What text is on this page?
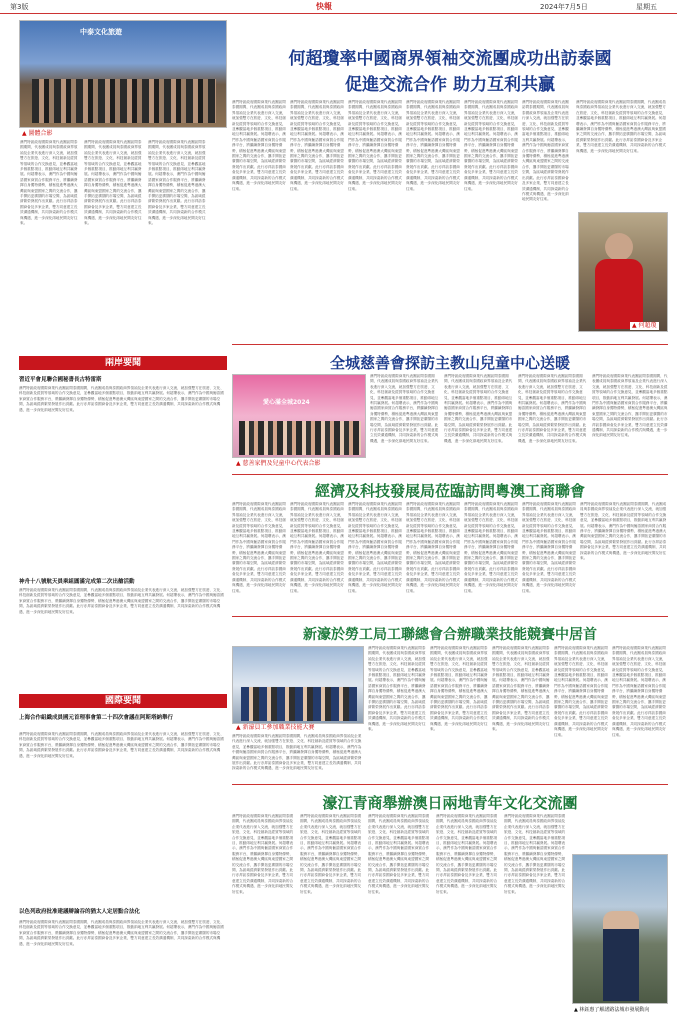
第3版	快報	2024年7月5日	星期五
中泰文化旅遊
▲ 圖體合影
何超瓊率中國商界領袖交流團成功出訪泰國
促進交流合作 助力互利共贏
澳門特區政府國際商業代表團訪問泰國期間，代表團成員與泰國政商界領袖及企業代表進行深入交流，就加強雙方在旅遊、文化、科技創新及經貿等領域的合作交換意見，並參觀當地多個重點項目，推動兩地互利共贏發展。何超瓊表示，澳門作為中國與葡語國家商貿合作服務平台，將繼續發揮自身獨特優勢，積極促進粵港澳大灣區與東盟國家之間的交流合作，攜手開拓更廣闊的市場空間，為區域經濟繁榮發展作出貢獻。此行亦拜訪泰國商會及多家企業，雙方同意建立長效溝通機制，共同探索新的合作模式與機遇，進一步深化兩地民間友好往來。
澳門特區政府國際商業代表團訪問泰國期間，代表團成員與泰國政商界領袖及企業代表進行深入交流，就加強雙方在旅遊、文化、科技創新及經貿等領域的合作交換意見，並參觀當地多個重點項目，推動兩地互利共贏發展。何超瓊表示，澳門作為中國與葡語國家商貿合作服務平台，將繼續發揮自身獨特優勢，積極促進粵港澳大灣區與東盟國家之間的交流合作，攜手開拓更廣闊的市場空間，為區域經濟繁榮發展作出貢獻。此行亦拜訪泰國商會及多家企業，雙方同意建立長效溝通機制，共同探索新的合作模式與機遇，進一步深化兩地民間友好往來。
澳門特區政府國際商業代表團訪問泰國期間，代表團成員與泰國政商界領袖及企業代表進行深入交流，就加強雙方在旅遊、文化、科技創新及經貿等領域的合作交換意見，並參觀當地多個重點項目，推動兩地互利共贏發展。何超瓊表示，澳門作為中國與葡語國家商貿合作服務平台，將繼續發揮自身獨特優勢，積極促進粵港澳大灣區與東盟國家之間的交流合作，攜手開拓更廣闊的市場空間，為區域經濟繁榮發展作出貢獻。此行亦拜訪泰國商會及多家企業，雙方同意建立長效溝通機制，共同探索新的合作模式與機遇，進一步深化兩地民間友好往來。
澳門特區政府國際商業代表團訪問泰國期間，代表團成員與泰國政商界領袖及企業代表進行深入交流，就加強雙方在旅遊、文化、科技創新及經貿等領域的合作交換意見，並參觀當地多個重點項目，推動兩地互利共贏發展。何超瓊表示，澳門作為中國與葡語國家商貿合作服務平台，將繼續發揮自身獨特優勢，積極促進粵港澳大灣區與東盟國家之間的交流合作，攜手開拓更廣闊的市場空間，為區域經濟繁榮發展作出貢獻。此行亦拜訪泰國商會及多家企業，雙方同意建立長效溝通機制，共同探索新的合作模式與機遇，進一步深化兩地民間友好往來。
澳門特區政府國際商業代表團訪問泰國期間，代表團成員與泰國政商界領袖及企業代表進行深入交流，就加強雙方在旅遊、文化、科技創新及經貿等領域的合作交換意見，並參觀當地多個重點項目，推動兩地互利共贏發展。何超瓊表示，澳門作為中國與葡語國家商貿合作服務平台，將繼續發揮自身獨特優勢，積極促進粵港澳大灣區與東盟國家之間的交流合作，攜手開拓更廣闊的市場空間，為區域經濟繁榮發展作出貢獻。此行亦拜訪泰國商會及多家企業，雙方同意建立長效溝通機制，共同探索新的合作模式與機遇，進一步深化兩地民間友好往來。
澳門特區政府國際商業代表團訪問泰國期間，代表團成員與泰國政商界領袖及企業代表進行深入交流，就加強雙方在旅遊、文化、科技創新及經貿等領域的合作交換意見，並參觀當地多個重點項目，推動兩地互利共贏發展。何超瓊表示，澳門作為中國與葡語國家商貿合作服務平台，將繼續發揮自身獨特優勢，積極促進粵港澳大灣區與東盟國家之間的交流合作，攜手開拓更廣闊的市場空間，為區域經濟繁榮發展作出貢獻。此行亦拜訪泰國商會及多家企業，雙方同意建立長效溝通機制，共同探索新的合作模式與機遇，進一步深化兩地民間友好往來。
澳門特區政府國際商業代表團訪問泰國期間，代表團成員與泰國政商界領袖及企業代表進行深入交流，就加強雙方在旅遊、文化、科技創新及經貿等領域的合作交換意見，並參觀當地多個重點項目，推動兩地互利共贏發展。何超瓊表示，澳門作為中國與葡語國家商貿合作服務平台，將繼續發揮自身獨特優勢，積極促進粵港澳大灣區與東盟國家之間的交流合作，攜手開拓更廣闊的市場空間，為區域經濟繁榮發展作出貢獻。此行亦拜訪泰國商會及多家企業，雙方同意建立長效溝通機制，共同探索新的合作模式與機遇，進一步深化兩地民間友好往來。
澳門特區政府國際商業代表團訪問泰國期間，代表團成員與泰國政商界領袖及企業代表進行深入交流，就加強雙方在旅遊、文化、科技創新及經貿等領域的合作交換意見，並參觀當地多個重點項目，推動兩地互利共贏發展。何超瓊表示，澳門作為中國與葡語國家商貿合作服務平台，將繼續發揮自身獨特優勢，積極促進粵港澳大灣區與東盟國家之間的交流合作，攜手開拓更廣闊的市場空間，為區域經濟繁榮發展作出貢獻。此行亦拜訪泰國商會及多家企業，雙方同意建立長效溝通機制，共同探索新的合作模式與機遇，進一步深化兩地民間友好往來。
澳門特區政府國際商業代表團訪問泰國期間，代表團成員與泰國政商界領袖及企業代表進行深入交流，就加強雙方在旅遊、文化、科技創新及經貿等領域的合作交換意見，並參觀當地多個重點項目，推動兩地互利共贏發展。何超瓊表示，澳門作為中國與葡語國家商貿合作服務平台，將繼續發揮自身獨特優勢，積極促進粵港澳大灣區與東盟國家之間的交流合作，攜手開拓更廣闊的市場空間，為區域經濟繁榮發展作出貢獻。此行亦拜訪泰國商會及多家企業，雙方同意建立長效溝通機制，共同探索新的合作模式與機遇，進一步深化兩地民間友好往來。
澳門特區政府國際商業代表團訪問泰國期間，代表團成員與泰國政商界領袖及企業代表進行深入交流，就加強雙方在旅遊、文化、科技創新及經貿等領域的合作交換意見，並參觀當地多個重點項目，推動兩地互利共贏發展。何超瓊表示，澳門作為中國與葡語國家商貿合作服務平台，將繼續發揮自身獨特優勢，積極促進粵港澳大灣區與東盟國家之間的交流合作，攜手開拓更廣闊的市場空間，為區域經濟繁榮發展作出貢獻。此行亦拜訪泰國商會及多家企業，雙方同意建立長效溝通機制，共同探索新的合作模式與機遇，進一步深化兩地民間友好往來。
▲ 何超瓊
兩岸要聞
習近平會見聯合國秘書長古特雷斯
澳門特區政府國際商業代表團訪問泰國期間，代表團成員與泰國政商界領袖及企業代表進行深入交流，就加強雙方在旅遊、文化、科技創新及經貿等領域的合作交換意見，並參觀當地多個重點項目，推動兩地互利共贏發展。何超瓊表示，澳門作為中國與葡語國家商貿合作服務平台，將繼續發揮自身獨特優勢，積極促進粵港澳大灣區與東盟國家之間的交流合作，攜手開拓更廣闊的市場空間，為區域經濟繁榮發展作出貢獻。此行亦拜訪泰國商會及多家企業，雙方同意建立長效溝通機制，共同探索新的合作模式與機遇，進一步深化兩地民間友好往來。
神舟十八號航天員乘組圓滿完成第二次出艙活動
澳門特區政府國際商業代表團訪問泰國期間，代表團成員與泰國政商界領袖及企業代表進行深入交流，就加強雙方在旅遊、文化、科技創新及經貿等領域的合作交換意見，並參觀當地多個重點項目，推動兩地互利共贏發展。何超瓊表示，澳門作為中國與葡語國家商貿合作服務平台，將繼續發揮自身獨特優勢，積極促進粵港澳大灣區與東盟國家之間的交流合作，攜手開拓更廣闊的市場空間，為區域經濟繁榮發展作出貢獻。此行亦拜訪泰國商會及多家企業，雙方同意建立長效溝通機制，共同探索新的合作模式與機遇，進一步深化兩地民間友好往來。
國際要聞
上海合作組織成員國元首理事會第二十四次會議在阿斯塔納舉行
澳門特區政府國際商業代表團訪問泰國期間，代表團成員與泰國政商界領袖及企業代表進行深入交流，就加強雙方在旅遊、文化、科技創新及經貿等領域的合作交換意見，並參觀當地多個重點項目，推動兩地互利共贏發展。何超瓊表示，澳門作為中國與葡語國家商貿合作服務平台，將繼續發揮自身獨特優勢，積極促進粵港澳大灣區與東盟國家之間的交流合作，攜手開拓更廣闊的市場空間，為區域經濟繁榮發展作出貢獻。此行亦拜訪泰國商會及多家企業，雙方同意建立長效溝通機制，共同探索新的合作模式與機遇，進一步深化兩地民間友好往來。
以色列政府批准建議辯論吞的猶太人定居點合法化
澳門特區政府國際商業代表團訪問泰國期間，代表團成員與泰國政商界領袖及企業代表進行深入交流，就加強雙方在旅遊、文化、科技創新及經貿等領域的合作交換意見，並參觀當地多個重點項目，推動兩地互利共贏發展。何超瓊表示，澳門作為中國與葡語國家商貿合作服務平台，將繼續發揮自身獨特優勢，積極促進粵港澳大灣區與東盟國家之間的交流合作，攜手開拓更廣闊的市場空間，為區域經濟繁榮發展作出貢獻。此行亦拜訪泰國商會及多家企業，雙方同意建立長效溝通機制，共同探索新的合作模式與機遇，進一步深化兩地民間友好往來。
全城慈善會探訪主教山兒童中心送暖
愛心滿全城2024
▲ 慈善家們及兒童中心代表合影
澳門特區政府國際商業代表團訪問泰國期間，代表團成員與泰國政商界領袖及企業代表進行深入交流，就加強雙方在旅遊、文化、科技創新及經貿等領域的合作交換意見，並參觀當地多個重點項目，推動兩地互利共贏發展。何超瓊表示，澳門作為中國與葡語國家商貿合作服務平台，將繼續發揮自身獨特優勢，積極促進粵港澳大灣區與東盟國家之間的交流合作，攜手開拓更廣闊的市場空間，為區域經濟繁榮發展作出貢獻。此行亦拜訪泰國商會及多家企業，雙方同意建立長效溝通機制，共同探索新的合作模式與機遇，進一步深化兩地民間友好往來。
澳門特區政府國際商業代表團訪問泰國期間，代表團成員與泰國政商界領袖及企業代表進行深入交流，就加強雙方在旅遊、文化、科技創新及經貿等領域的合作交換意見，並參觀當地多個重點項目，推動兩地互利共贏發展。何超瓊表示，澳門作為中國與葡語國家商貿合作服務平台，將繼續發揮自身獨特優勢，積極促進粵港澳大灣區與東盟國家之間的交流合作，攜手開拓更廣闊的市場空間，為區域經濟繁榮發展作出貢獻。此行亦拜訪泰國商會及多家企業，雙方同意建立長效溝通機制，共同探索新的合作模式與機遇，進一步深化兩地民間友好往來。
澳門特區政府國際商業代表團訪問泰國期間，代表團成員與泰國政商界領袖及企業代表進行深入交流，就加強雙方在旅遊、文化、科技創新及經貿等領域的合作交換意見，並參觀當地多個重點項目，推動兩地互利共贏發展。何超瓊表示，澳門作為中國與葡語國家商貿合作服務平台，將繼續發揮自身獨特優勢，積極促進粵港澳大灣區與東盟國家之間的交流合作，攜手開拓更廣闊的市場空間，為區域經濟繁榮發展作出貢獻。此行亦拜訪泰國商會及多家企業，雙方同意建立長效溝通機制，共同探索新的合作模式與機遇，進一步深化兩地民間友好往來。
澳門特區政府國際商業代表團訪問泰國期間，代表團成員與泰國政商界領袖及企業代表進行深入交流，就加強雙方在旅遊、文化、科技創新及經貿等領域的合作交換意見，並參觀當地多個重點項目，推動兩地互利共贏發展。何超瓊表示，澳門作為中國與葡語國家商貿合作服務平台，將繼續發揮自身獨特優勢，積極促進粵港澳大灣區與東盟國家之間的交流合作，攜手開拓更廣闊的市場空間，為區域經濟繁榮發展作出貢獻。此行亦拜訪泰國商會及多家企業，雙方同意建立長效溝通機制，共同探索新的合作模式與機遇，進一步深化兩地民間友好往來。
經濟及科技發展局莅臨訪問粵澳工商聯會
澳門特區政府國際商業代表團訪問泰國期間，代表團成員與泰國政商界領袖及企業代表進行深入交流，就加強雙方在旅遊、文化、科技創新及經貿等領域的合作交換意見，並參觀當地多個重點項目，推動兩地互利共贏發展。何超瓊表示，澳門作為中國與葡語國家商貿合作服務平台，將繼續發揮自身獨特優勢，積極促進粵港澳大灣區與東盟國家之間的交流合作，攜手開拓更廣闊的市場空間，為區域經濟繁榮發展作出貢獻。此行亦拜訪泰國商會及多家企業，雙方同意建立長效溝通機制，共同探索新的合作模式與機遇，進一步深化兩地民間友好往來。
澳門特區政府國際商業代表團訪問泰國期間，代表團成員與泰國政商界領袖及企業代表進行深入交流，就加強雙方在旅遊、文化、科技創新及經貿等領域的合作交換意見，並參觀當地多個重點項目，推動兩地互利共贏發展。何超瓊表示，澳門作為中國與葡語國家商貿合作服務平台，將繼續發揮自身獨特優勢，積極促進粵港澳大灣區與東盟國家之間的交流合作，攜手開拓更廣闊的市場空間，為區域經濟繁榮發展作出貢獻。此行亦拜訪泰國商會及多家企業，雙方同意建立長效溝通機制，共同探索新的合作模式與機遇，進一步深化兩地民間友好往來。
澳門特區政府國際商業代表團訪問泰國期間，代表團成員與泰國政商界領袖及企業代表進行深入交流，就加強雙方在旅遊、文化、科技創新及經貿等領域的合作交換意見，並參觀當地多個重點項目，推動兩地互利共贏發展。何超瓊表示，澳門作為中國與葡語國家商貿合作服務平台，將繼續發揮自身獨特優勢，積極促進粵港澳大灣區與東盟國家之間的交流合作，攜手開拓更廣闊的市場空間，為區域經濟繁榮發展作出貢獻。此行亦拜訪泰國商會及多家企業，雙方同意建立長效溝通機制，共同探索新的合作模式與機遇，進一步深化兩地民間友好往來。
澳門特區政府國際商業代表團訪問泰國期間，代表團成員與泰國政商界領袖及企業代表進行深入交流，就加強雙方在旅遊、文化、科技創新及經貿等領域的合作交換意見，並參觀當地多個重點項目，推動兩地互利共贏發展。何超瓊表示，澳門作為中國與葡語國家商貿合作服務平台，將繼續發揮自身獨特優勢，積極促進粵港澳大灣區與東盟國家之間的交流合作，攜手開拓更廣闊的市場空間，為區域經濟繁榮發展作出貢獻。此行亦拜訪泰國商會及多家企業，雙方同意建立長效溝通機制，共同探索新的合作模式與機遇，進一步深化兩地民間友好往來。
澳門特區政府國際商業代表團訪問泰國期間，代表團成員與泰國政商界領袖及企業代表進行深入交流，就加強雙方在旅遊、文化、科技創新及經貿等領域的合作交換意見，並參觀當地多個重點項目，推動兩地互利共贏發展。何超瓊表示，澳門作為中國與葡語國家商貿合作服務平台，將繼續發揮自身獨特優勢，積極促進粵港澳大灣區與東盟國家之間的交流合作，攜手開拓更廣闊的市場空間，為區域經濟繁榮發展作出貢獻。此行亦拜訪泰國商會及多家企業，雙方同意建立長效溝通機制，共同探索新的合作模式與機遇，進一步深化兩地民間友好往來。
澳門特區政府國際商業代表團訪問泰國期間，代表團成員與泰國政商界領袖及企業代表進行深入交流，就加強雙方在旅遊、文化、科技創新及經貿等領域的合作交換意見，並參觀當地多個重點項目，推動兩地互利共贏發展。何超瓊表示，澳門作為中國與葡語國家商貿合作服務平台，將繼續發揮自身獨特優勢，積極促進粵港澳大灣區與東盟國家之間的交流合作，攜手開拓更廣闊的市場空間，為區域經濟繁榮發展作出貢獻。此行亦拜訪泰國商會及多家企業，雙方同意建立長效溝通機制，共同探索新的合作模式與機遇，進一步深化兩地民間友好往來。
澳門特區政府國際商業代表團訪問泰國期間，代表團成員與泰國政商界領袖及企業代表進行深入交流，就加強雙方在旅遊、文化、科技創新及經貿等領域的合作交換意見，並參觀當地多個重點項目，推動兩地互利共贏發展。何超瓊表示，澳門作為中國與葡語國家商貿合作服務平台，將繼續發揮自身獨特優勢，積極促進粵港澳大灣區與東盟國家之間的交流合作，攜手開拓更廣闊的市場空間，為區域經濟繁榮發展作出貢獻。此行亦拜訪泰國商會及多家企業，雙方同意建立長效溝通機制，共同探索新的合作模式與機遇，進一步深化兩地民間友好往來。
新濠於勞工局工聯總會合辦職業技能競賽中居首
▲ 新濠員工參加職業技能大賽
澳門特區政府國際商業代表團訪問泰國期間，代表團成員與泰國政商界領袖及企業代表進行深入交流，就加強雙方在旅遊、文化、科技創新及經貿等領域的合作交換意見，並參觀當地多個重點項目，推動兩地互利共贏發展。何超瓊表示，澳門作為中國與葡語國家商貿合作服務平台，將繼續發揮自身獨特優勢，積極促進粵港澳大灣區與東盟國家之間的交流合作，攜手開拓更廣闊的市場空間，為區域經濟繁榮發展作出貢獻。此行亦拜訪泰國商會及多家企業，雙方同意建立長效溝通機制，共同探索新的合作模式與機遇，進一步深化兩地民間友好往來。
澳門特區政府國際商業代表團訪問泰國期間，代表團成員與泰國政商界領袖及企業代表進行深入交流，就加強雙方在旅遊、文化、科技創新及經貿等領域的合作交換意見，並參觀當地多個重點項目，推動兩地互利共贏發展。何超瓊表示，澳門作為中國與葡語國家商貿合作服務平台，將繼續發揮自身獨特優勢，積極促進粵港澳大灣區與東盟國家之間的交流合作，攜手開拓更廣闊的市場空間，為區域經濟繁榮發展作出貢獻。此行亦拜訪泰國商會及多家企業，雙方同意建立長效溝通機制，共同探索新的合作模式與機遇，進一步深化兩地民間友好往來。
澳門特區政府國際商業代表團訪問泰國期間，代表團成員與泰國政商界領袖及企業代表進行深入交流，就加強雙方在旅遊、文化、科技創新及經貿等領域的合作交換意見，並參觀當地多個重點項目，推動兩地互利共贏發展。何超瓊表示，澳門作為中國與葡語國家商貿合作服務平台，將繼續發揮自身獨特優勢，積極促進粵港澳大灣區與東盟國家之間的交流合作，攜手開拓更廣闊的市場空間，為區域經濟繁榮發展作出貢獻。此行亦拜訪泰國商會及多家企業，雙方同意建立長效溝通機制，共同探索新的合作模式與機遇，進一步深化兩地民間友好往來。
澳門特區政府國際商業代表團訪問泰國期間，代表團成員與泰國政商界領袖及企業代表進行深入交流，就加強雙方在旅遊、文化、科技創新及經貿等領域的合作交換意見，並參觀當地多個重點項目，推動兩地互利共贏發展。何超瓊表示，澳門作為中國與葡語國家商貿合作服務平台，將繼續發揮自身獨特優勢，積極促進粵港澳大灣區與東盟國家之間的交流合作，攜手開拓更廣闊的市場空間，為區域經濟繁榮發展作出貢獻。此行亦拜訪泰國商會及多家企業，雙方同意建立長效溝通機制，共同探索新的合作模式與機遇，進一步深化兩地民間友好往來。
澳門特區政府國際商業代表團訪問泰國期間，代表團成員與泰國政商界領袖及企業代表進行深入交流，就加強雙方在旅遊、文化、科技創新及經貿等領域的合作交換意見，並參觀當地多個重點項目，推動兩地互利共贏發展。何超瓊表示，澳門作為中國與葡語國家商貿合作服務平台，將繼續發揮自身獨特優勢，積極促進粵港澳大灣區與東盟國家之間的交流合作，攜手開拓更廣闊的市場空間，為區域經濟繁榮發展作出貢獻。此行亦拜訪泰國商會及多家企業，雙方同意建立長效溝通機制，共同探索新的合作模式與機遇，進一步深化兩地民間友好往來。
澳門特區政府國際商業代表團訪問泰國期間，代表團成員與泰國政商界領袖及企業代表進行深入交流，就加強雙方在旅遊、文化、科技創新及經貿等領域的合作交換意見，並參觀當地多個重點項目，推動兩地互利共贏發展。何超瓊表示，澳門作為中國與葡語國家商貿合作服務平台，將繼續發揮自身獨特優勢，積極促進粵港澳大灣區與東盟國家之間的交流合作，攜手開拓更廣闊的市場空間，為區域經濟繁榮發展作出貢獻。此行亦拜訪泰國商會及多家企業，雙方同意建立長效溝通機制，共同探索新的合作模式與機遇，進一步深化兩地民間友好往來。
濠江青商舉辦澳日兩地青年文化交流團
澳門特區政府國際商業代表團訪問泰國期間，代表團成員與泰國政商界領袖及企業代表進行深入交流，就加強雙方在旅遊、文化、科技創新及經貿等領域的合作交換意見，並參觀當地多個重點項目，推動兩地互利共贏發展。何超瓊表示，澳門作為中國與葡語國家商貿合作服務平台，將繼續發揮自身獨特優勢，積極促進粵港澳大灣區與東盟國家之間的交流合作，攜手開拓更廣闊的市場空間，為區域經濟繁榮發展作出貢獻。此行亦拜訪泰國商會及多家企業，雙方同意建立長效溝通機制，共同探索新的合作模式與機遇，進一步深化兩地民間友好往來。
澳門特區政府國際商業代表團訪問泰國期間，代表團成員與泰國政商界領袖及企業代表進行深入交流，就加強雙方在旅遊、文化、科技創新及經貿等領域的合作交換意見，並參觀當地多個重點項目，推動兩地互利共贏發展。何超瓊表示，澳門作為中國與葡語國家商貿合作服務平台，將繼續發揮自身獨特優勢，積極促進粵港澳大灣區與東盟國家之間的交流合作，攜手開拓更廣闊的市場空間，為區域經濟繁榮發展作出貢獻。此行亦拜訪泰國商會及多家企業，雙方同意建立長效溝通機制，共同探索新的合作模式與機遇，進一步深化兩地民間友好往來。
澳門特區政府國際商業代表團訪問泰國期間，代表團成員與泰國政商界領袖及企業代表進行深入交流，就加強雙方在旅遊、文化、科技創新及經貿等領域的合作交換意見，並參觀當地多個重點項目，推動兩地互利共贏發展。何超瓊表示，澳門作為中國與葡語國家商貿合作服務平台，將繼續發揮自身獨特優勢，積極促進粵港澳大灣區與東盟國家之間的交流合作，攜手開拓更廣闊的市場空間，為區域經濟繁榮發展作出貢獻。此行亦拜訪泰國商會及多家企業，雙方同意建立長效溝通機制，共同探索新的合作模式與機遇，進一步深化兩地民間友好往來。
澳門特區政府國際商業代表團訪問泰國期間，代表團成員與泰國政商界領袖及企業代表進行深入交流，就加強雙方在旅遊、文化、科技創新及經貿等領域的合作交換意見，並參觀當地多個重點項目，推動兩地互利共贏發展。何超瓊表示，澳門作為中國與葡語國家商貿合作服務平台，將繼續發揮自身獨特優勢，積極促進粵港澳大灣區與東盟國家之間的交流合作，攜手開拓更廣闊的市場空間，為區域經濟繁榮發展作出貢獻。此行亦拜訪泰國商會及多家企業，雙方同意建立長效溝通機制，共同探索新的合作模式與機遇，進一步深化兩地民間友好往來。
澳門特區政府國際商業代表團訪問泰國期間，代表團成員與泰國政商界領袖及企業代表進行深入交流，就加強雙方在旅遊、文化、科技創新及經貿等領域的合作交換意見，並參觀當地多個重點項目，推動兩地互利共贏發展。何超瓊表示，澳門作為中國與葡語國家商貿合作服務平台，將繼續發揮自身獨特優勢，積極促進粵港澳大灣區與東盟國家之間的交流合作，攜手開拓更廣闊的市場空間，為區域經濟繁榮發展作出貢獻。此行亦拜訪泰國商會及多家企業，雙方同意建立長效溝通機制，共同探索新的合作模式與機遇，進一步深化兩地民間友好往來。
▲ 林鈺惠了解諾路法城市發展動向
